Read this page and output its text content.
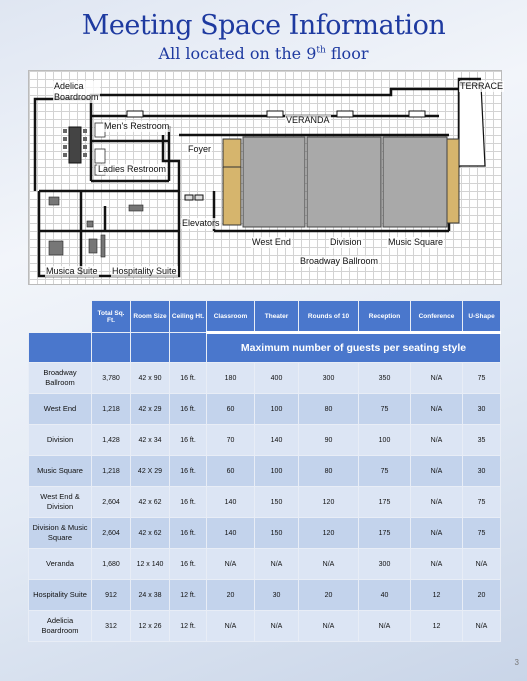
Meeting Space Information
All located on the 9th floor
Adelica
Boardroom
Men's Restroom
Ladies Restroom
Foyer
VERANDA
TERRACE
Elevators
West End	Division	Music Square
Broadway Ballroom
Musica Suite Hospitality Suite
	Total Sq. Ft.	Room Size	Ceiling Ht.	Classroom	Theater	Rounds of 10	Reception	Conference	U-Shape
				Maximum number of guests per seating style					
Broadway Ballroom	3,780	42 x 90	16 ft.	180	400	300	350	N/A	75
West End	1,218	42 x 29	16 ft.	60	100	80	75	N/A	30
Division	1,428	42 x 34	16 ft.	70	140	90	100	N/A	35
Music Square	1,218	42 X 29	16 ft.	60	100	80	75	N/A	30
West End & Division	2,604	42 x 62	16 ft.	140	150	120	175	N/A	75
Division & Music Square	2,604	42 x 62	16 ft.	140	150	120	175	N/A	75
Veranda	1,680	12 x 140	16 ft.	N/A	N/A	N/A	300	N/A	N/A
Hospitality Suite	912	24 x 38	12 ft.	20	30	20	40	12	20
Adelicia Boardroom	312	12 x 26	12 ft.	N/A	N/A	N/A	N/A	12	N/A
3
